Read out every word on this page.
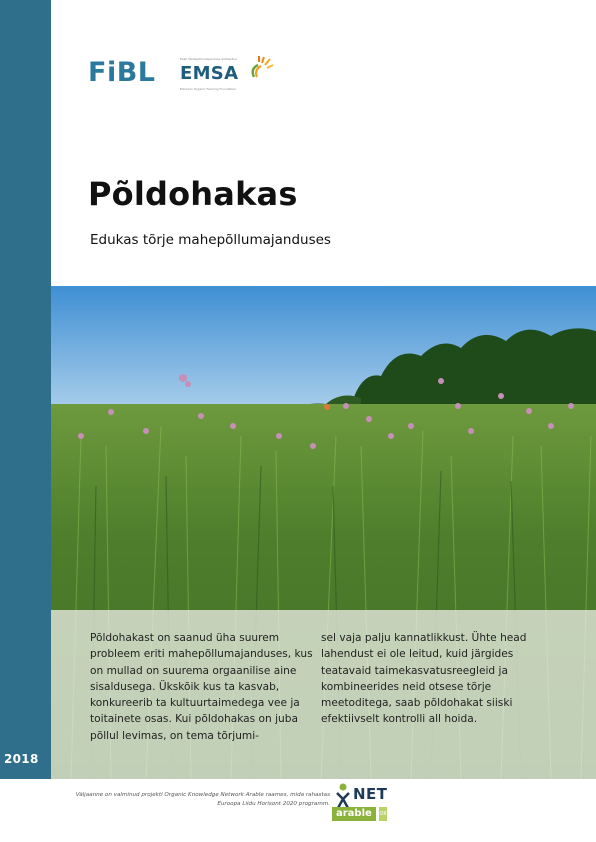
2018
FiBL	Eesti Mahepõllumajanduse Sihtasutus
EMSA
Estonian Organic Farming Foundation
Põldohakas
Edukas tõrje mahepõllumajanduses

Põldohakast on saanud üha suurem probleem eriti mahepõllumajanduses, kus on mullad on suurema orgaanilise aine sisaldusega. Ükskõik kus ta kasvab, konkureerib ta kultuurtaimedega vee ja toitainete osas. Kui põldohakas on juba põllul levimas, on tema tõrjumi-

sel vaja palju kannatlikkust. Ühte head lahendust ei ole leitud, kuid järgides teatavaid taimekasvatusreegleid ja kombineerides neid otsese tõrje meetoditega, saab põldohakat siiski efektiivselt kontrolli all hoida.

Väljaanne on valminud projekti Organic Knowledge Network Arable raames, mida rahastas Euroopa Liidu Horisont 2020 programm.
NET
arable	OK
